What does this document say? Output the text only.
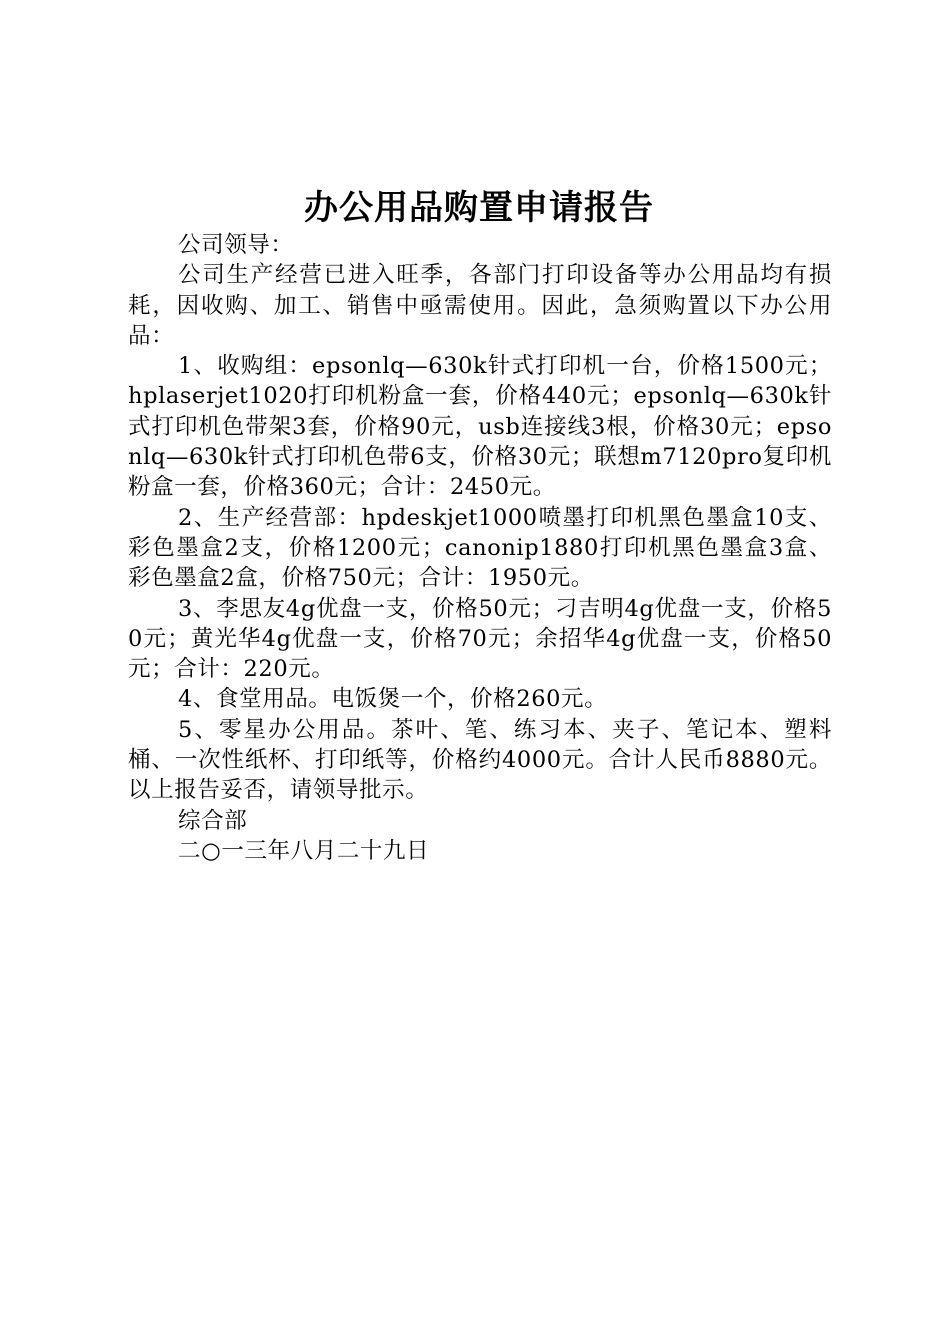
办公用品购置申请报告

公司领导：

公司生产经营已进入旺季，各部门打印设备等办公用品均有损耗，因收购、加工、销售中亟需使用。因此，急须购置以下办公用品：

1、收购组：epsonlq—630k针式打印机一台，价格1500元；hplaserjet1020打印机粉盒一套，价格440元；epsonlq—630k针式打印机色带架3套，价格90元，usb连接线3根，价格30元；epsonlq—630k针式打印机色带6支，价格30元；联想m7120pro复印机粉盒一套，价格360元；合计：2450元。

2、生产经营部：hpdeskjet1000喷墨打印机黑色墨盒10支、彩色墨盒2支，价格1200元；canonip1880打印机黑色墨盒3盒、彩色墨盒2盒，价格750元；合计：1950元。

3、李思友4g优盘一支，价格50元；刁吉明4g优盘一支，价格50元；黄光华4g优盘一支，价格70元；余招华4g优盘一支，价格50元；合计：220元。

4、食堂用品。电饭煲一个，价格260元。

5、零星办公用品。茶叶、笔、练习本、夹子、笔记本、塑料桶、一次性纸杯、打印纸等，价格约4000元。合计人民币8880元。以上报告妥否，请领导批示。

综合部

二○一三年八月二十九日
